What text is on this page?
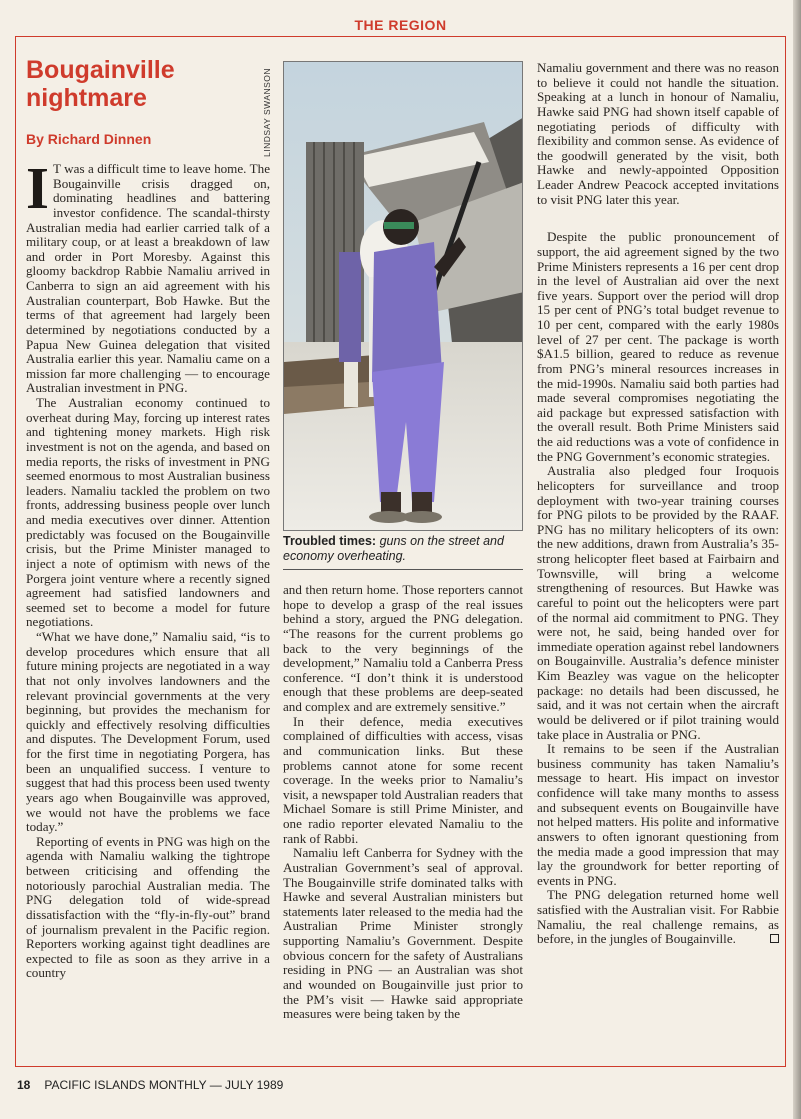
THE REGION
Bougainville nightmare

By Richard Dinnen	LINDSAY SWANSON
Troubled times: guns on the street and economy overheating.

I T was a difficult time to leave home. The Bougainville crisis dragged on, dominating headlines and battering investor confidence. The scandal-thirsty Australian media had earlier carried talk of a military coup, or at least a breakdown of law and order in Port Moresby. Against this gloomy backdrop Rabbie Namaliu arrived in Canberra to sign an aid agreement with his Australian counterpart, Bob Hawke. But the terms of that agreement had largely been determined by negotiations conducted by a Papua New Guinea delegation that visited Australia earlier this year. Namaliu came on a mission far more challenging — to encourage Australian investment in PNG.

The Australian economy continued to overheat during May, forcing up interest rates and tightening money markets. High risk investment is not on the agenda, and based on media reports, the risks of investment in PNG seemed enormous to most Australian business leaders. Namaliu tackled the problem on two fronts, addressing business people over lunch and media executives over dinner. Attention predictably was focused on the Bougainville crisis, but the Prime Minister managed to inject a note of optimism with news of the Porgera joint venture where a recently signed agreement had satisfied landowners and seemed set to become a model for future negotiations.

“What we have done,” Namaliu said, “is to develop procedures which ensure that all future mining projects are negotiated in a way that not only involves landowners and the relevant provincial governments at the very beginning, but provides the mechanism for quickly and effectively resolving difficulties and disputes. The Development Forum, used for the first time in negotiating Porgera, has been an unqualified success. I venture to suggest that had this process been used twenty years ago when Bougainville was approved, we would not have the problems we face today.”

Reporting of events in PNG was high on the agenda with Namaliu walking the tightrope between criticising and offending the notoriously parochial Australian media. The PNG delegation told of wide-spread dissatisfaction with the “fly-in-fly-out” brand of journalism prevalent in the Pacific region. Reporters working against tight deadlines are expected to file as soon as they arrive in a country

and then return home. Those reporters cannot hope to develop a grasp of the real issues behind a story, argued the PNG delegation. “The reasons for the current problems go back to the very beginnings of the development,” Namaliu told a Canberra Press conference. “I don’t think it is understood enough that these problems are deep-seated and complex and are extremely sensitive.”

In their defence, media executives complained of difficulties with access, visas and communication links. But these problems cannot atone for some recent coverage. In the weeks prior to Namaliu’s visit, a newspaper told Australian readers that Michael Somare is still Prime Minister, and one radio reporter elevated Namaliu to the rank of Rabbi.

Namaliu left Canberra for Sydney with the Australian Government’s seal of approval. The Bougainville strife dominated talks with Hawke and several Australian ministers but statements later released to the media had the Australian Prime Minister strongly supporting Namaliu’s Government. Despite obvious concern for the safety of Australians residing in PNG — an Australian was shot and wounded on Bougainville just prior to the PM’s visit — Hawke said appropriate measures were being taken by the

Namaliu government and there was no reason to believe it could not handle the situation. Speaking at a lunch in honour of Namaliu, Hawke said PNG had shown itself capable of negotiating periods of difficulty with flexibility and common sense. As evidence of the goodwill generated by the visit, both Hawke and newly-appointed Opposition Leader Andrew Peacock accepted invitations to visit PNG later this year.

Despite the public pronouncement of support, the aid agreement signed by the two Prime Ministers represents a 16 per cent drop in the level of Australian aid over the next five years. Support over the period will drop 15 per cent of PNG’s total budget revenue to 10 per cent, compared with the early 1980s level of 27 per cent. The package is worth $A1.5 billion, geared to reduce as revenue from PNG’s mineral resources increases in the mid-1990s. Namaliu said both parties had made several compromises negotiating the aid package but expressed satisfaction with the overall result. Both Prime Ministers said the aid reductions was a vote of confidence in the PNG Government’s economic strategies.

Australia also pledged four Iroquois helicopters for surveillance and troop deployment with two-year training courses for PNG pilots to be provided by the RAAF. PNG has no military helicopters of its own: the new additions, drawn from Australia’s 35-strong helicopter fleet based at Fairbairn and Townsville, will bring a welcome strengthening of resources. But Hawke was careful to point out the helicopters were part of the normal aid commitment to PNG. They were not, he said, being handed over for immediate operation against rebel landowners on Bougainville. Australia’s defence minister Kim Beazley was vague on the helicopter package: no details had been discussed, he said, and it was not certain when the aircraft would be delivered or if pilot training would take place in Australia or PNG.

It remains to be seen if the Australian business community has taken Namaliu’s message to heart. His impact on investor confidence will take many months to assess and subsequent events on Bougainville have not helped matters. His polite and informative answers to often ignorant questioning from the media made a good impression that may lay the groundwork for better reporting of events in PNG.

The PNG delegation returned home well satisfied with the Australian visit. For Rabbie Namaliu, the real challenge remains, as before, in the jungles of Bougainville.

18 PACIFIC ISLANDS MONTHLY — JULY 1989
